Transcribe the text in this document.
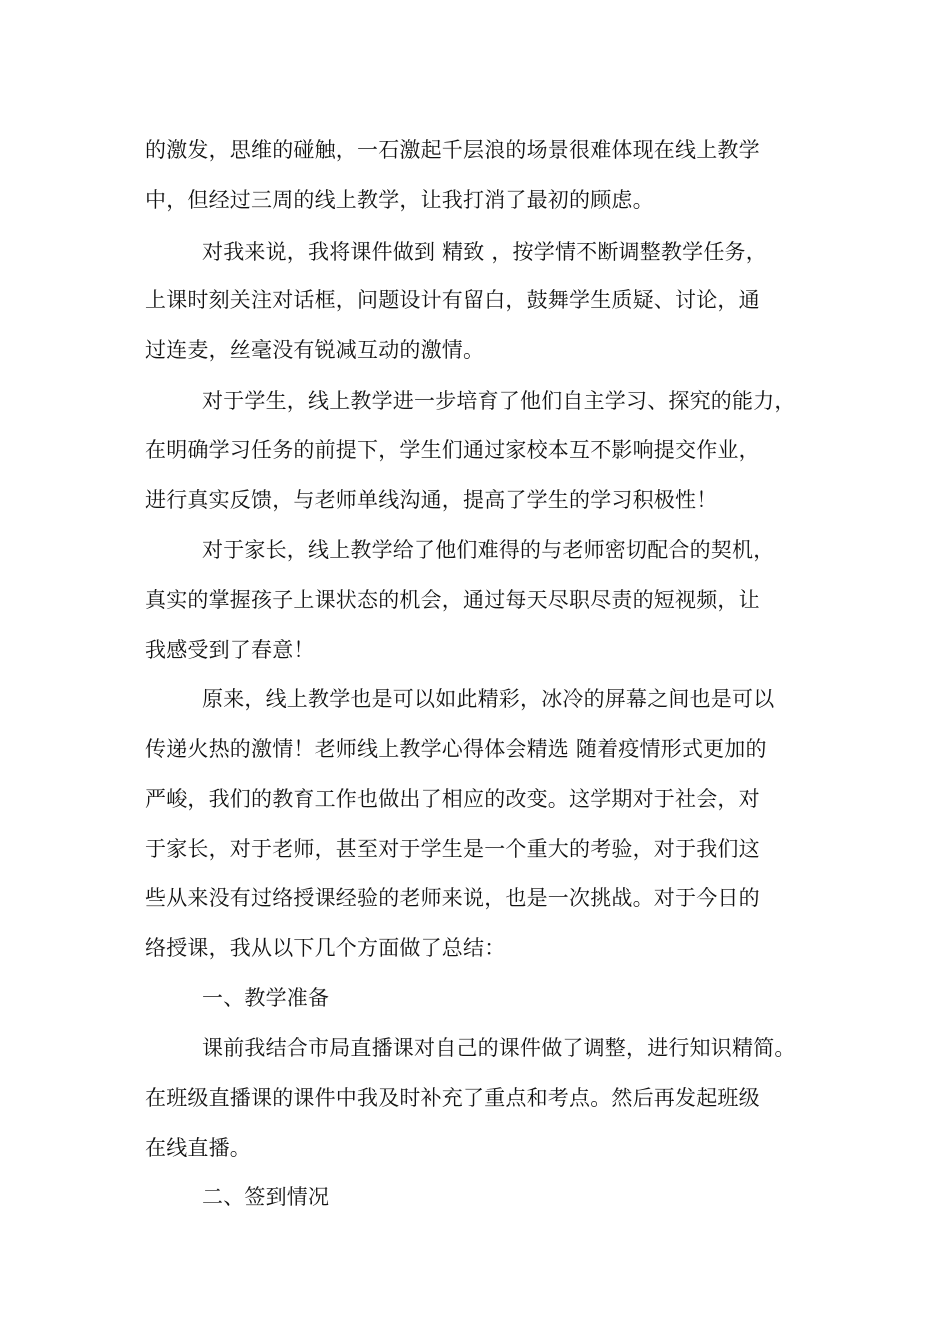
的激发，思维的碰触，一石激起千层浪的场景很难体现在线上教学
中，但经过三周的线上教学，让我打消了最初的顾虑。
对我来说，我将课件做到 精致 ，按学情不断调整教学任务，
上课时刻关注对话框，问题设计有留白，鼓舞学生质疑、讨论，通
过连麦，丝毫没有锐减互动的激情。
对于学生，线上教学进一步培育了他们自主学习、探究的能力，
在明确学习任务的前提下，学生们通过家校本互不影响提交作业，
进行真实反馈，与老师单线沟通，提高了学生的学习积极性！
对于家长，线上教学给了他们难得的与老师密切配合的契机，
真实的掌握孩子上课状态的机会，通过每天尽职尽责的短视频，让
我感受到了春意！
原来，线上教学也是可以如此精彩，冰冷的屏幕之间也是可以
传递火热的激情！老师线上教学心得体会精选 随着疫情形式更加的
严峻，我们的教育工作也做出了相应的改变。这学期对于社会，对
于家长，对于老师，甚至对于学生是一个重大的考验，对于我们这
些从来没有过络授课经验的老师来说，也是一次挑战。对于今日的
络授课，我从以下几个方面做了总结：
一、教学准备
课前我结合市局直播课对自己的课件做了调整，进行知识精简。
在班级直播课的课件中我及时补充了重点和考点。然后再发起班级
在线直播。
二、签到情况
